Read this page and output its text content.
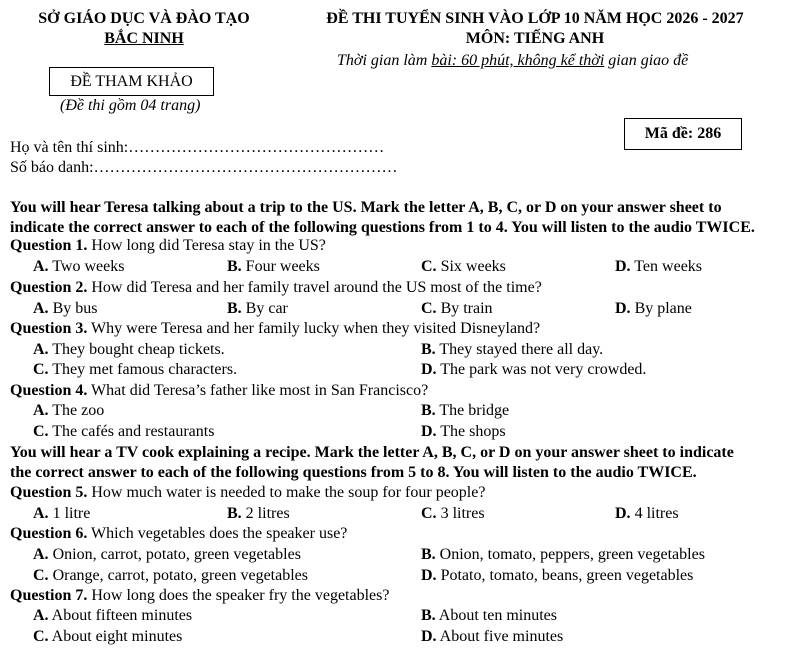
SỞ GIÁO DỤC VÀ ĐÀO TẠO
BẮC NINH
ĐỀ THI TUYỂN SINH VÀO LỚP 10 NĂM HỌC 2026 - 2027
MÔN: TIẾNG ANH
Thời gian làm bài: 60 phút, không kể thời gian giao đề
ĐỀ THAM KHẢO
(Đề thi gồm 04 trang)
Mã đề: 286
Họ và tên thí sinh:…………………………………………
Số báo danh:…………………………………………………
You will hear Teresa talking about a trip to the US. Mark the letter A, B, C, or D on your answer sheet to
indicate the correct answer to each of the following questions from 1 to 4. You will listen to the audio TWICE.
Question 1. How long did Teresa stay in the US?
A. Two weeks	B. Four weeks	C. Six weeks	D. Ten weeks
Question 2. How did Teresa and her family travel around the US most of the time?
A. By bus	B. By car	C. By train	D. By plane
Question 3. Why were Teresa and her family lucky when they visited Disneyland?
A. They bought cheap tickets.	B. They stayed there all day.
C. They met famous characters.	D. The park was not very crowded.
Question 4. What did Teresa’s father like most in San Francisco?
A. The zoo	B. The bridge
C. The cafés and restaurants	D. The shops
You will hear a TV cook explaining a recipe. Mark the letter A, B, C, or D on your answer sheet to indicate
the correct answer to each of the following questions from 5 to 8. You will listen to the audio TWICE.
Question 5. How much water is needed to make the soup for four people?
A. 1 litre	B. 2 litres	C. 3 litres	D. 4 litres
Question 6. Which vegetables does the speaker use?
A. Onion, carrot, potato, green vegetables	B. Onion, tomato, peppers, green vegetables
C. Orange, carrot, potato, green vegetables	D. Potato, tomato, beans, green vegetables
Question 7. How long does the speaker fry the vegetables?
A. About fifteen minutes	B. About ten minutes
C. About eight minutes	D. About five minutes
